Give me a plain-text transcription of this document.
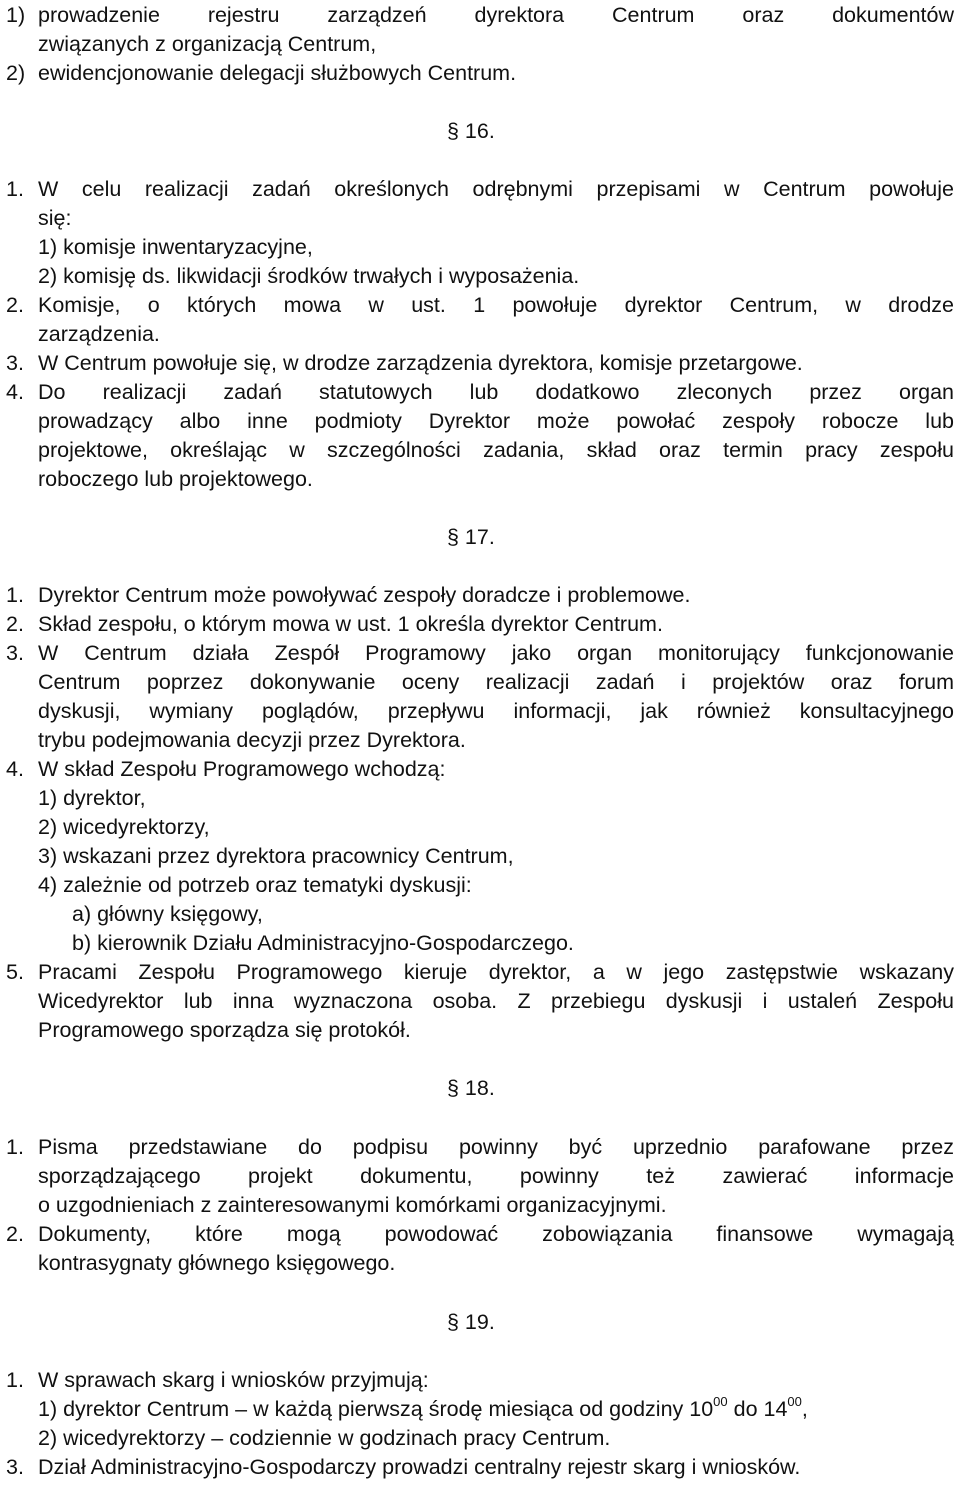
1) prowadzenie rejestru zarządzeń dyrektora Centrum oraz dokumentów
związanych z organizacją Centrum,
2) ewidencjonowanie delegacji służbowych Centrum.
§ 16.
1. W celu realizacji zadań określonych odrębnymi przepisami w Centrum powołuje
się:
1) komisje inwentaryzacyjne,
2) komisję ds. likwidacji środków trwałych i wyposażenia.
2. Komisje, o których mowa w ust. 1 powołuje dyrektor Centrum, w drodze
zarządzenia.
3. W Centrum powołuje się, w drodze zarządzenia dyrektora, komisje przetargowe.
4. Do realizacji zadań statutowych lub dodatkowo zleconych przez organ
prowadzący albo inne podmioty Dyrektor może powołać zespoły robocze lub
projektowe, określając w szczególności zadania, skład oraz termin pracy zespołu
roboczego lub projektowego.
§ 17.
1. Dyrektor Centrum może powoływać zespoły doradcze i problemowe.
2. Skład zespołu, o którym mowa w ust. 1 określa dyrektor Centrum.
3. W Centrum działa Zespół Programowy jako organ monitorujący funkcjonowanie
Centrum poprzez dokonywanie oceny realizacji zadań i projektów oraz forum
dyskusji, wymiany poglądów, przepływu informacji, jak również konsultacyjnego
trybu podejmowania decyzji przez Dyrektora.
4. W skład Zespołu Programowego wchodzą:
1) dyrektor,
2) wicedyrektorzy,
3) wskazani przez dyrektora pracownicy Centrum,
4) zależnie od potrzeb oraz tematyki dyskusji:
a) główny księgowy,
b) kierownik Działu Administracyjno-Gospodarczego.
5. Pracami Zespołu Programowego kieruje dyrektor, a w jego zastępstwie wskazany
Wicedyrektor lub inna wyznaczona osoba. Z przebiegu dyskusji i ustaleń Zespołu
Programowego sporządza się protokół.
§ 18.
1. Pisma przedstawiane do podpisu powinny być uprzednio parafowane przez
sporządzającego projekt dokumentu, powinny też zawierać informacje
o uzgodnieniach z zainteresowanymi komórkami organizacyjnymi.
2. Dokumenty, które mogą powodować zobowiązania finansowe wymagają
kontrasygnaty głównego księgowego.
§ 19.
1. W sprawach skarg i wniosków przyjmują:
1) dyrektor Centrum – w każdą pierwszą środę miesiąca od godziny $10^{00}$ do $14^{00}$,
2) wicedyrektorzy – codziennie w godzinach pracy Centrum.
3. Dział Administracyjno-Gospodarczy prowadzi centralny rejestr skarg i wniosków.
